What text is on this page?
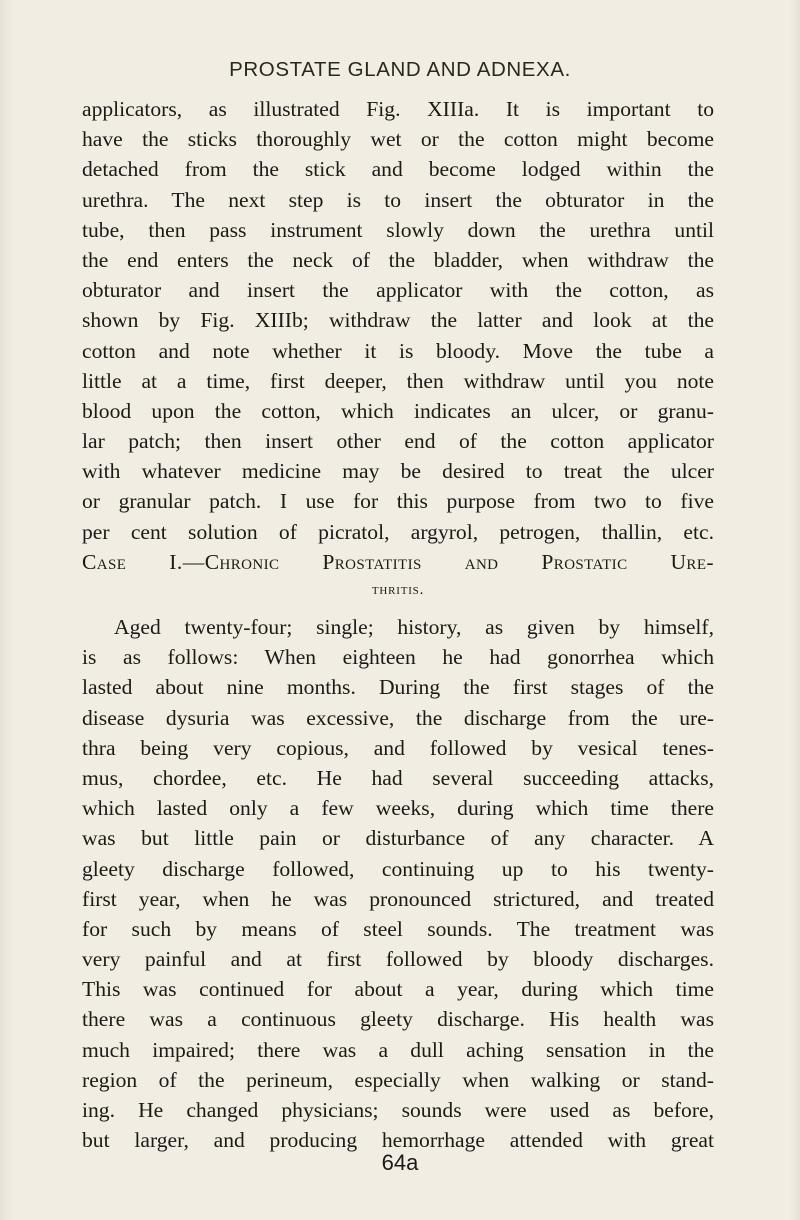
PROSTATE GLAND AND ADNEXA.
applicators, as illustrated Fig. XIIIa. It is important to
have the sticks thoroughly wet or the cotton might become
detached from the stick and become lodged within the
urethra. The next step is to insert the obturator in the
tube, then pass instrument slowly down the urethra until
the end enters the neck of the bladder, when withdraw the
obturator and insert the applicator with the cotton, as
shown by Fig. XIIIb; withdraw the latter and look at the
cotton and note whether it is bloody. Move the tube a
little at a time, first deeper, then withdraw until you note
blood upon the cotton, which indicates an ulcer, or granu-
lar patch; then insert other end of the cotton applicator
with whatever medicine may be desired to treat the ulcer
or granular patch. I use for this purpose from two to five
per cent solution of picratol, argyrol, petrogen, thallin, etc.
Case I.—Chronic Prostatitis and Prostatic Ure-
thritis.
Aged twenty-four; single; history, as given by himself,
is as follows: When eighteen he had gonorrhea which
lasted about nine months. During the first stages of the
disease dysuria was excessive, the discharge from the ure-
thra being very copious, and followed by vesical tenes-
mus, chordee, etc. He had several succeeding attacks,
which lasted only a few weeks, during which time there
was but little pain or disturbance of any character. A
gleety discharge followed, continuing up to his twenty-
first year, when he was pronounced strictured, and treated
for such by means of steel sounds. The treatment was
very painful and at first followed by bloody discharges.
This was continued for about a year, during which time
there was a continuous gleety discharge. His health was
much impaired; there was a dull aching sensation in the
region of the perineum, especially when walking or stand-
ing. He changed physicians; sounds were used as before,
but larger, and producing hemorrhage attended with great
64a
